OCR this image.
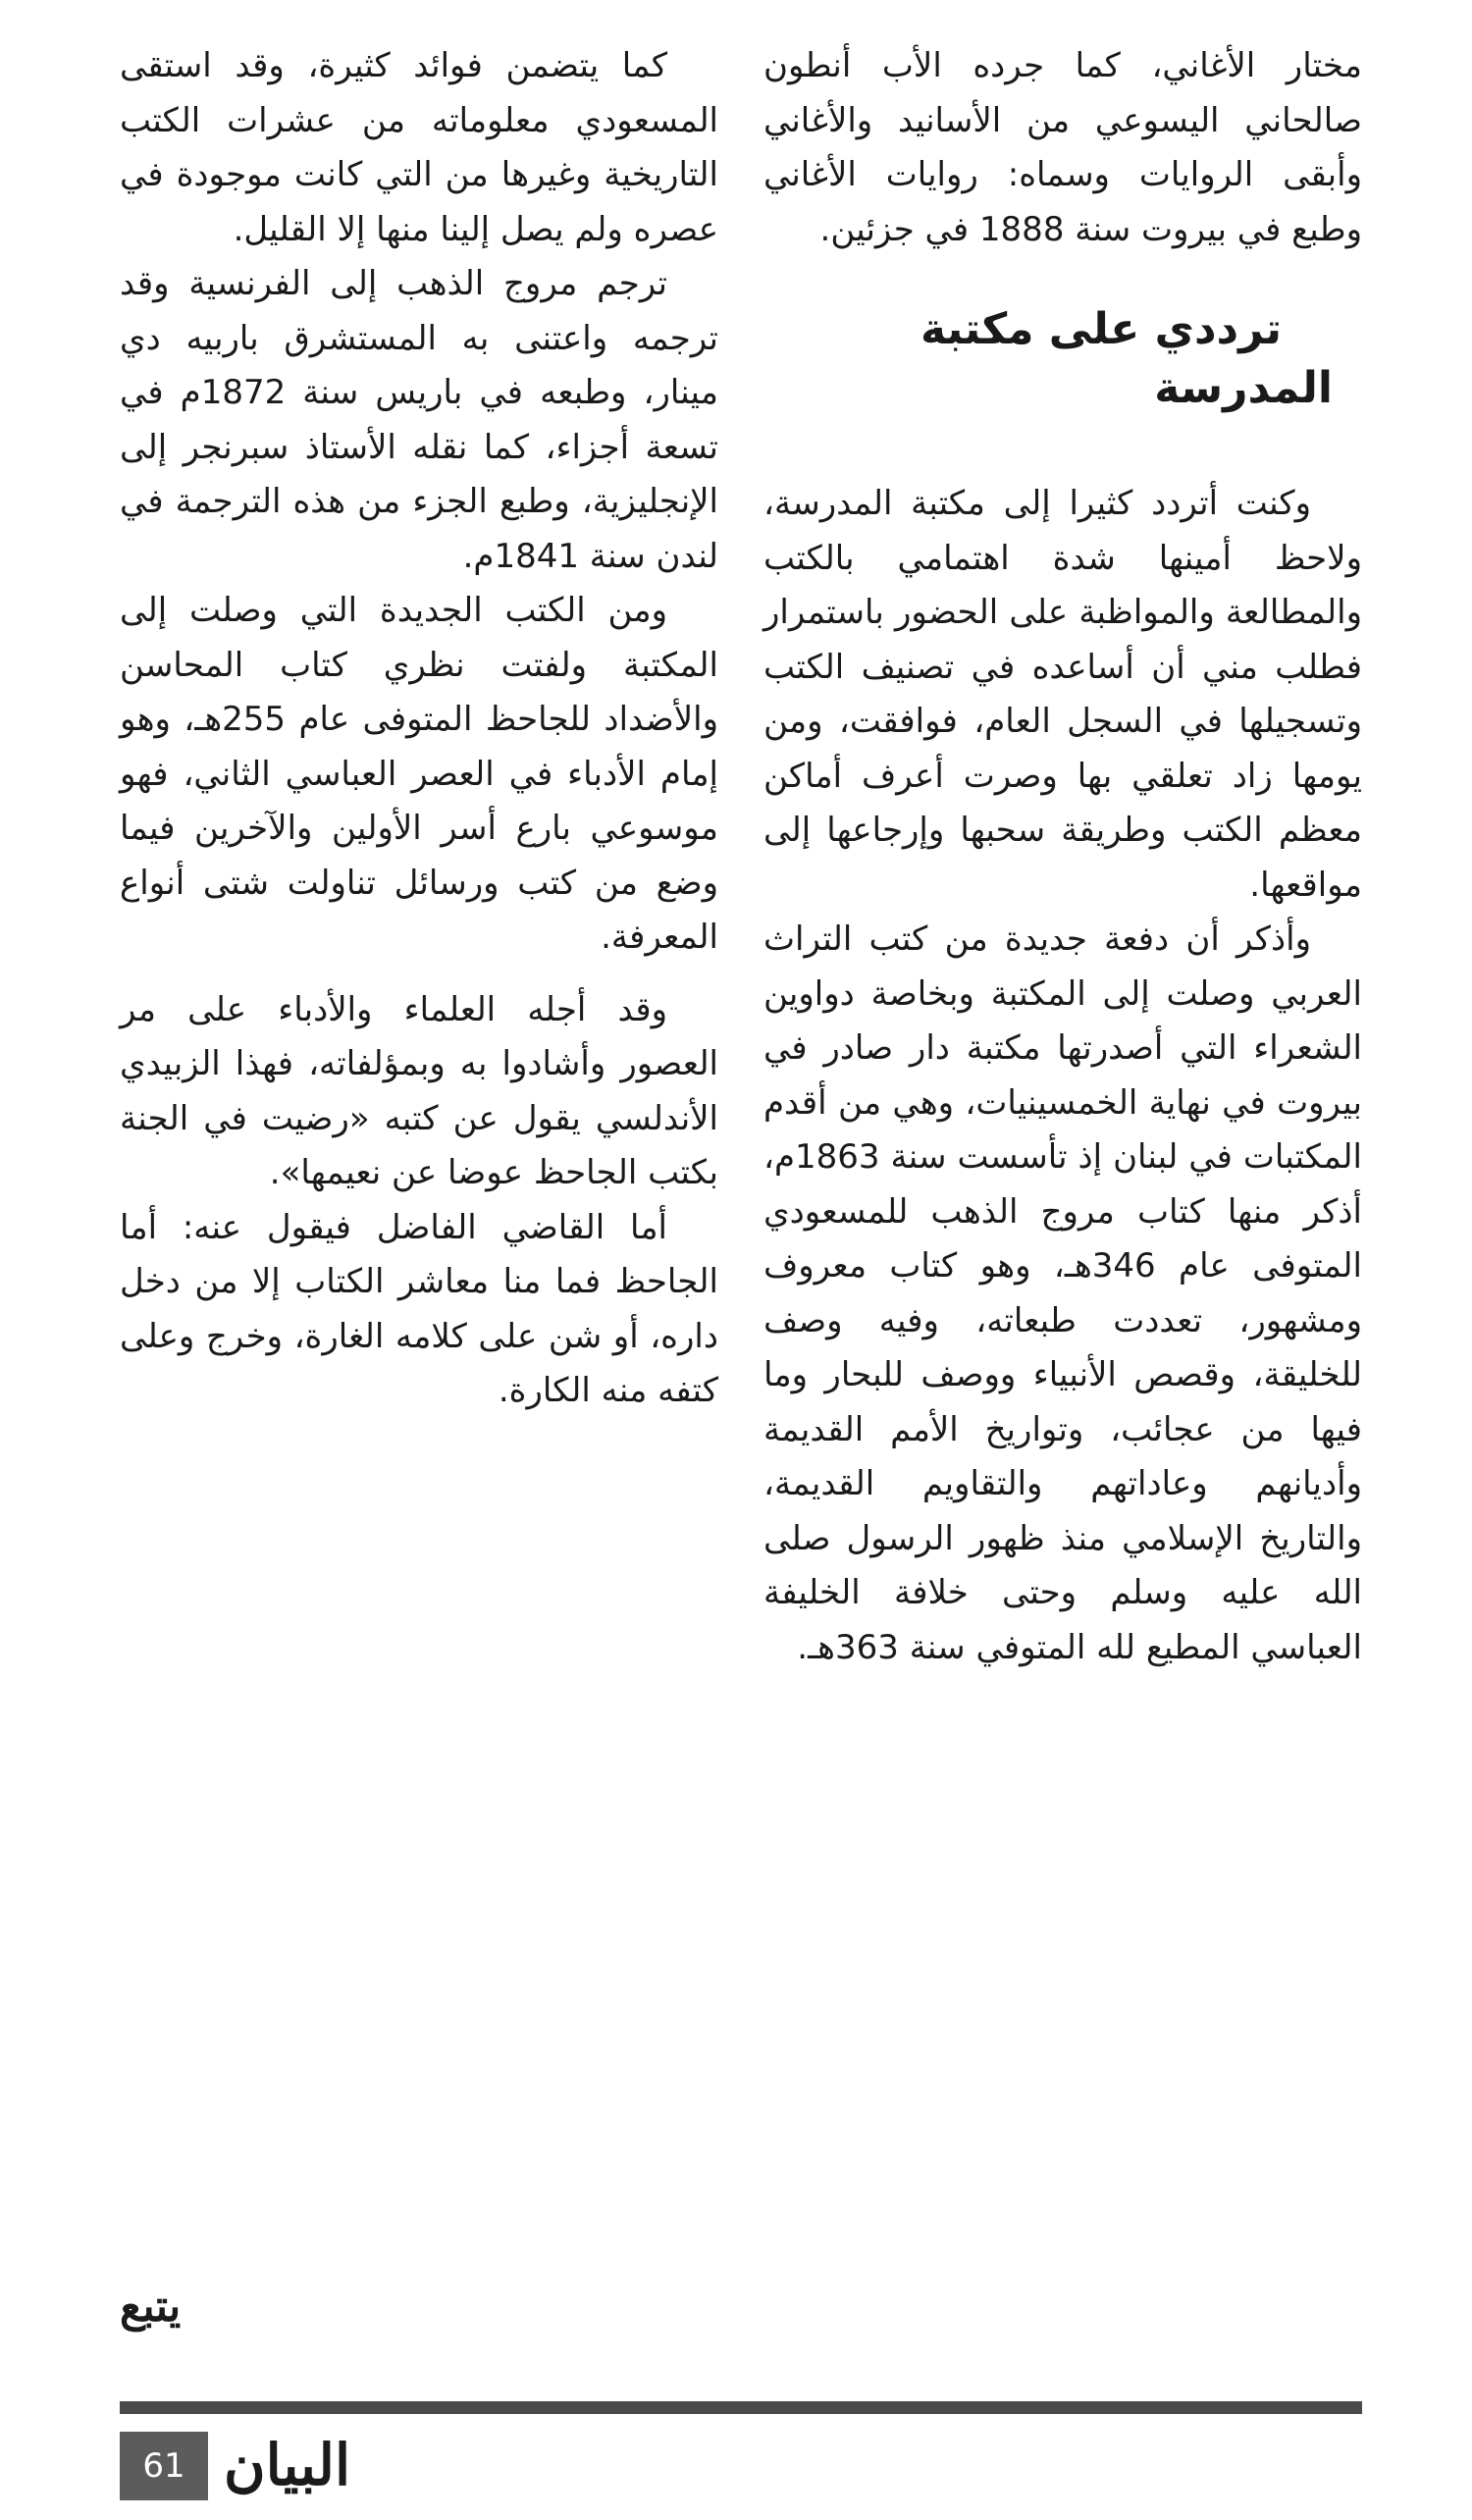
مختار الأغاني، كما جرده الأب أنطون صالحاني اليسوعي من الأسانيد والأغاني وأبقى الروايات وسماه: روايات الأغاني وطبع في بيروت سنة 1888 في جزئين.

ترددي على مكتبة المدرسة

وكنت أتردد كثيرا إلى مكتبة المدرسة، ولاحظ أمينها شدة اهتمامي بالكتب والمطالعة والمواظبة على الحضور باستمرار فطلب مني أن أساعده في تصنيف الكتب وتسجيلها في السجل العام، فوافقت، ومن يومها زاد تعلقي بها وصرت أعرف أماكن معظم الكتب وطريقة سحبها وإرجاعها إلى مواقعها.

وأذكر أن دفعة جديدة من كتب التراث العربي وصلت إلى المكتبة وبخاصة دواوين الشعراء التي أصدرتها مكتبة دار صادر في بيروت في نهاية الخمسينيات، وهي من أقدم المكتبات في لبنان إذ تأسست سنة 1863م، أذكر منها كتاب مروج الذهب للمسعودي المتوفى عام 346هـ، وهو كتاب معروف ومشهور، تعددت طبعاته، وفيه وصف للخليقة، وقصص الأنبياء ووصف للبحار وما فيها من عجائب، وتواريخ الأمم القديمة وأديانهم وعاداتهم والتقاويم القديمة، والتاريخ الإسلامي منذ ظهور الرسول صلى الله عليه وسلم وحتى خلافة الخليفة العباسي المطيع لله المتوفي سنة 363هـ.

كما يتضمن فوائد كثيرة، وقد استقى المسعودي معلوماته من عشرات الكتب التاريخية وغيرها من التي كانت موجودة في عصره ولم يصل إلينا منها إلا القليل.

ترجم مروج الذهب إلى الفرنسية وقد ترجمه واعتنى به المستشرق باربيه دي مينار، وطبعه في باريس سنة 1872م في تسعة أجزاء، كما نقله الأستاذ سبرنجر إلى الإنجليزية، وطبع الجزء من هذه الترجمة في لندن سنة 1841م.

ومن الكتب الجديدة التي وصلت إلى المكتبة ولفتت نظري كتاب المحاسن والأضداد للجاحظ المتوفى عام 255هـ، وهو إمام الأدباء في العصر العباسي الثاني، فهو موسوعي بارع أسر الأولين والآخرين فيما وضع من كتب ورسائل تناولت شتى أنواع المعرفة.

وقد أجله العلماء والأدباء على مر العصور وأشادوا به وبمؤلفاته، فهذا الزبيدي الأندلسي يقول عن كتبه «رضيت في الجنة بكتب الجاحظ عوضا عن نعيمها».

أما القاضي الفاضل فيقول عنه: أما الجاحظ فما منا معاشر الكتاب إلا من دخل داره، أو شن على كلامه الغارة، وخرج وعلى كتفه منه الكارة.

يتبع
61 البيان
